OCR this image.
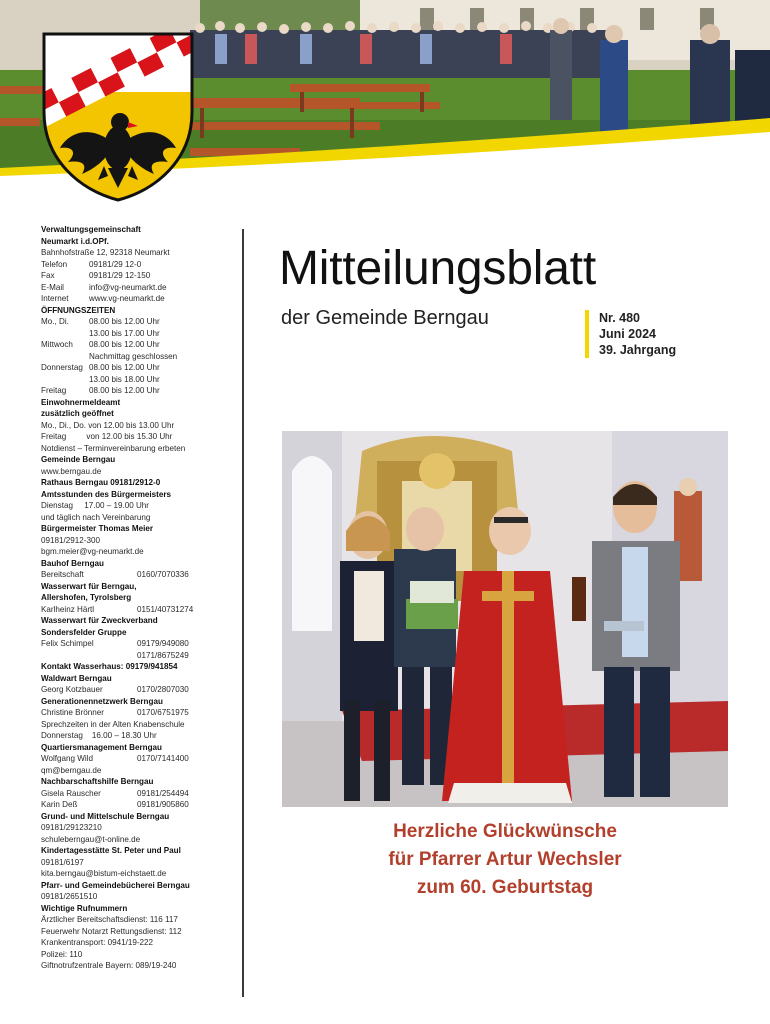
Verwaltungsgemeinschaft
Neumarkt i.d.OPf.
Bahnhofstraße 12, 92318 Neumarkt
Telefon	09181/29 12-0
Fax	09181/29 12-150
E-Mail	info@vg-neumarkt.de
Internet	www.vg-neumarkt.de
ÖFFNUNGSZEITEN
Mo., Di.	08.00 bis 12.00 Uhr
13.00 bis 17.00 Uhr
Mittwoch	08.00 bis 12.00 Uhr
Nachmittag geschlossen
Donnerstag 08.00 bis 12.00 Uhr
13.00 bis 18.00 Uhr
Freitag	08.00 bis 12.00 Uhr
Einwohnermeldeamt
zusätzlich geöffnet
Mo., Di., Do. von 12.00 bis 13.00 Uhr
Freitag         von 12.00 bis 15.30 Uhr
Notdienst – Terminvereinbarung erbeten
Gemeinde Berngau
www.berngau.de
Rathaus Berngau 09181/2912-0
Amtsstunden des Bürgermeisters
Dienstag     17.00 – 19.00 Uhr
und täglich nach Vereinbarung
Bürgermeister Thomas Meier
09181/2912-300
bgm.meier@vg-neumarkt.de
Bauhof Berngau
Bereitschaft	0160/7070336
Wasserwart für Berngau,
Allershofen, Tyrolsberg
Karlheinz Härtl	0151/40731274
Wasserwart für Zweckverband
Sondersfelder Gruppe
Felix Schimpel	09179/949080
0171/8675249
Kontakt Wasserhaus: 09179/941854
Waldwart Berngau
Georg Kotzbauer	0170/2807030
Generationennetzwerk Berngau
Christine Brönner	0170/6751975
Sprechzeiten in der Alten Knabenschule
Donnerstag    16.00 – 18.30 Uhr
Quartiersmanagement Berngau
Wolfgang Wild	0170/7141400
qm@berngau.de
Nachbarschaftshilfe Berngau
Gisela Rauscher	09181/254494
Karin Deß	09181/905860
Grund- und Mittelschule Berngau
09181/29123210
schuleberngau@t-online.de
Kindertagesstätte St. Peter und Paul
09181/6197
kita.berngau@bistum-eichstaett.de
Pfarr- und Gemeindebücherei Berngau
09181/2651510
Wichtige Rufnummern
Ärztlicher Bereitschaftsdienst: 116 117
Feuerwehr Notarzt Rettungsdienst: 112
Krankentransport: 0941/19-222
Polizei: 110
Giftnotrufzentrale Bayern: 089/19-240
Mitteilungsblatt
der Gemeinde Berngau	Nr. 480
Juni 2024
39. Jahrgang
Herzliche Glückwünsche
für Pfarrer Artur Wechsler
zum 60. Geburtstag
